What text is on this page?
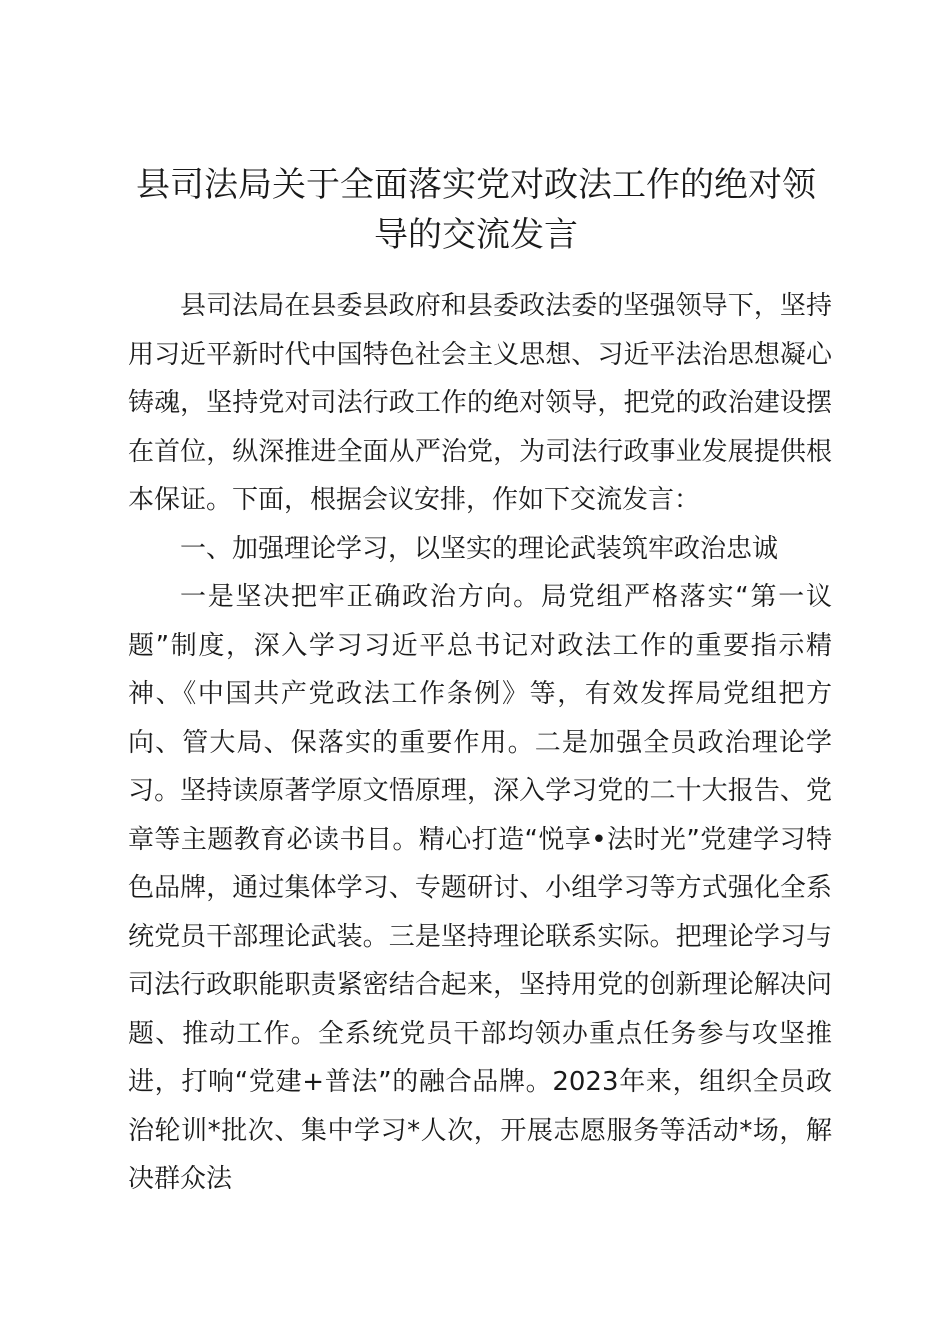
县司法局关于全面落实党对政法工作的绝对领导的交流发言

县司法局在县委县政府和县委政法委的坚强领导下，坚持用习近平新时代中国特色社会主义思想、习近平法治思想凝心铸魂，坚持党对司法行政工作的绝对领导，把党的政治建设摆在首位，纵深推进全面从严治党，为司法行政事业发展提供根本保证。下面，根据会议安排，作如下交流发言：

一、加强理论学习，以坚实的理论武装筑牢政治忠诚

一是坚决把牢正确政治方向。局党组严格落实“第一议题”制度，深入学习习近平总书记对政法工作的重要指示精神、《中国共产党政法工作条例》等，有效发挥局党组把方向、管大局、保落实的重要作用。二是加强全员政治理论学习。坚持读原著学原文悟原理，深入学习党的二十大报告、党章等主题教育必读书目。精心打造“悦享•法时光”党建学习特色品牌，通过集体学习、专题研讨、小组学习等方式强化全系统党员干部理论武装。三是坚持理论联系实际。把理论学习与司法行政职能职责紧密结合起来，坚持用党的创新理论解决问题、推动工作。全系统党员干部均领办重点任务参与攻坚推进，打响“党建+普法”的融合品牌。2023年来，组织全员政治轮训*批次、集中学习*人次，开展志愿服务等活动*场，解决群众法
